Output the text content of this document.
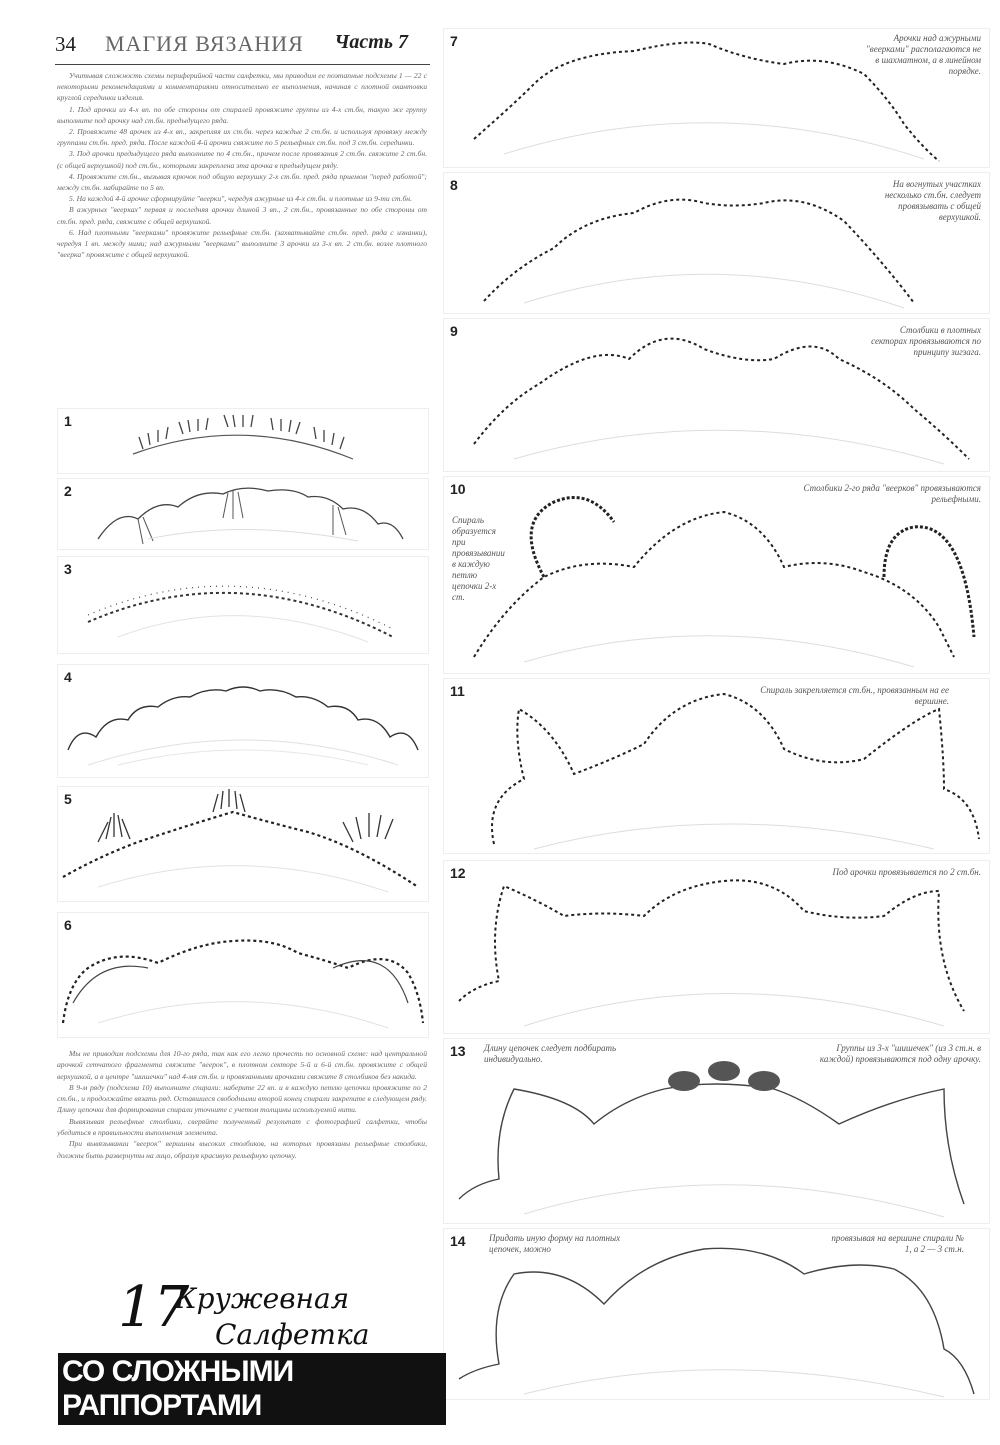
34 МАГИЯ ВЯЗАНИЯ Часть 7

Учитывая сложность схемы периферийной части салфетки, мы приводим ее поэтапные подсхемы 1 — 22 с некоторыми рекомендациями и комментариями относительно ее выполнения, начиная с плотной окантовки круглой серединки изделия.

1. Под арочки из 4-х вп. по обе стороны от спиралей провяжите группы из 4-х ст.бн, такую же группу выполните под арочку над ст.бн. предыдущего ряда.

2. Провяжите 48 арочек из 4-х вп., закрепляя их ст.бн. через каждые 2 ст.бн. и используя провязку между группами ст.бн. пред. ряда. После каждой 4-й арочки свяжите по 5 рельефных ст.бн. под 3 ст.бн. серединки.

3. Под арочки предыдущего ряда выполните по 4 ст.бн., причем после провязания 2 ст.бн. свяжите 2 ст.бн. (с общей верхушкой) под ст.бн., которыми закреплена эта арочка в предыдущем ряду.

4. Провяжите ст.бн., вызывая крючок под общую верхушку 2-х ст.бн. пред. ряда приемом "перед работой"; между ст.бн. набирайте по 5 вп.

5. На каждой 4-й арочке сформируйте "веерки", чередуя ажурные из 4-х ст.бн. и плотные из 9-ти ст.бн.

В ажурных "веерках" первая и последняя арочки длиной 3 вп., 2 ст.бн., провязанные по обе стороны от ст.бн. пред. ряда, свяжите с общей верхушкой.

6. Над плотными "веерками" провяжите рельефные ст.бн. (захватывайте ст.бн. пред. ряда с изнанки), чередуя 1 вп. между ними; над ажурными "веерками" выполните 3 арочки из 3-х вп. 2 ст.бн. возле плотного "веерка" провяжите с общей верхушкой.

1
2
3
4
5
6
7	Арочки над ажурными "веерками" располагаются не в шахматном, а в линейном порядке.
8	На вогнутых участках несколько ст.бн. следует провязывать с общей верхушкой.
9	Столбики в плотных секторах провязываются по принципу зигзага.
10	Столбики 2-го ряда "веерков" провязываются рельефными.
Спираль образуется при провязывании в каждую петлю цепочки 2-х ст.
11	Спираль закрепляется ст.бн., провязанным на ее вершине.
12	Под арочки провязывается по 2 ст.бн.
13 Длину цепочек следует подбирать индивидуально.
Группы из 3-х "шишечек" (из 3 ст.н. в каждой) провязываются под одну арочку.
14	Придать иную форму на плотных цепочек, можно
провязывая на вершине спирали № 1, а 2 — 3 ст.н.

Мы не приводим подсхемы для 10-го ряда, так как его легко прочесть по основной схеме: над центральной арочкой сетчатого фрагмента свяжите "веерок", в плотном секторе 5-й и 6-й ст.бн. провяжите с общей верхушкой, а в центре "шишечки" над 4-мя ст.бн. и провязанными арочками свяжите 8 столбиков без накида.

В 9-м ряду (подсхема 10) выполните спирали: наберите 22 вп. и в каждую петлю цепочки провяжите по 2 ст.бн., и продолжайте вязать ряд. Оставшиеся свободными второй конец спирали закрепите в следующем ряду. Длину цепочки для формирования спирали уточните с учетом толщины используемой нити.

Вывязывая рельефные столбики, сверяйте полученный результат с фотографией салфетки, чтобы убедиться в правильности выполнения элемента.

При вывязывании "веерок" вершины высоких столбиков, на которых провязаны рельефные столбики, должны быть развернуты на лицо, образуя красивую рельефную цепочку.

17
Кружевная
Салфетка
СО СЛОЖНЫМИ РАППОРТАМИ
